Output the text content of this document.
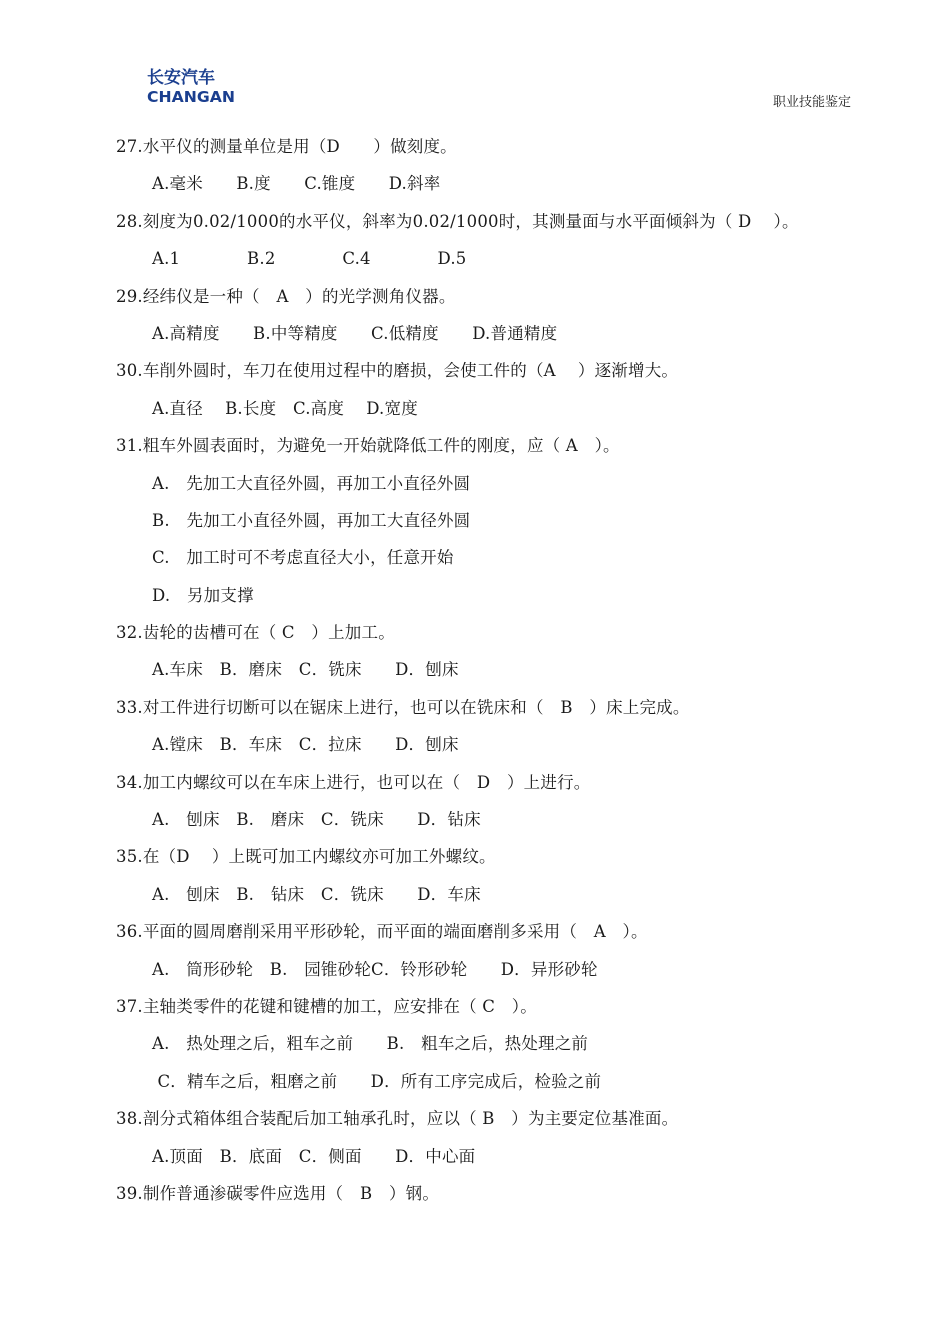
长安汽车
CHANGAN	职业技能鉴定
27.水平仪的测量单位是用（D　　）做刻度。
A.毫米　　B.度　　C.锥度　　D.斜率
28.刻度为0.02/1000的水平仪，斜率为0.02/1000时，其测量面与水平面倾斜为（ D　 ）。
A.1　　　　B.2　　　　C.4　　　　D.5
29.经纬仪是一种（　A　）的光学测角仪器。
A.高精度　　B.中等精度　　C.低精度　　D.普通精度
30.车削外圆时，车刀在使用过程中的磨损，会使工件的（A　 ）逐渐增大。
A.直径　 B.长度　C.高度　 D.宽度
31.粗车外圆表面时，为避免一开始就降低工件的刚度，应（ A　）。
A.　先加工大直径外圆，再加工小直径外圆
B.　先加工小直径外圆，再加工大直径外圆
C.　加工时可不考虑直径大小，任意开始
D.　另加支撑
32.齿轮的齿槽可在（ C　）上加工。
A.车床　B．磨床　C．铣床　　D．刨床
33.对工件进行切断可以在锯床上进行，也可以在铣床和（　B　）床上完成。
A.镗床　B．车床　C．拉床　　D．刨床
34.加工内螺纹可以在车床上进行，也可以在（　D　）上进行。
A.　刨床　B.　磨床　C．铣床　　D．钻床
35.在（D　 ）上既可加工内螺纹亦可加工外螺纹。
A.　刨床　B.　钻床　C．铣床　　D．车床
36.平面的圆周磨削采用平形砂轮，而平面的端面磨削多采用（　A　）。
A.　筒形砂轮　B.　园锥砂轮C．铃形砂轮　　D．异形砂轮
37.主轴类零件的花键和键槽的加工，应安排在（ C　）。
A.　热处理之后，粗车之前　　B.　粗车之后，热处理之前
C．精车之后，粗磨之前　　D．所有工序完成后，检验之前
38.剖分式箱体组合装配后加工轴承孔时，应以（ B　）为主要定位基准面。
A.顶面　B．底面　C．侧面　　D．中心面
39.制作普通渗碳零件应选用（　B　）钢。
